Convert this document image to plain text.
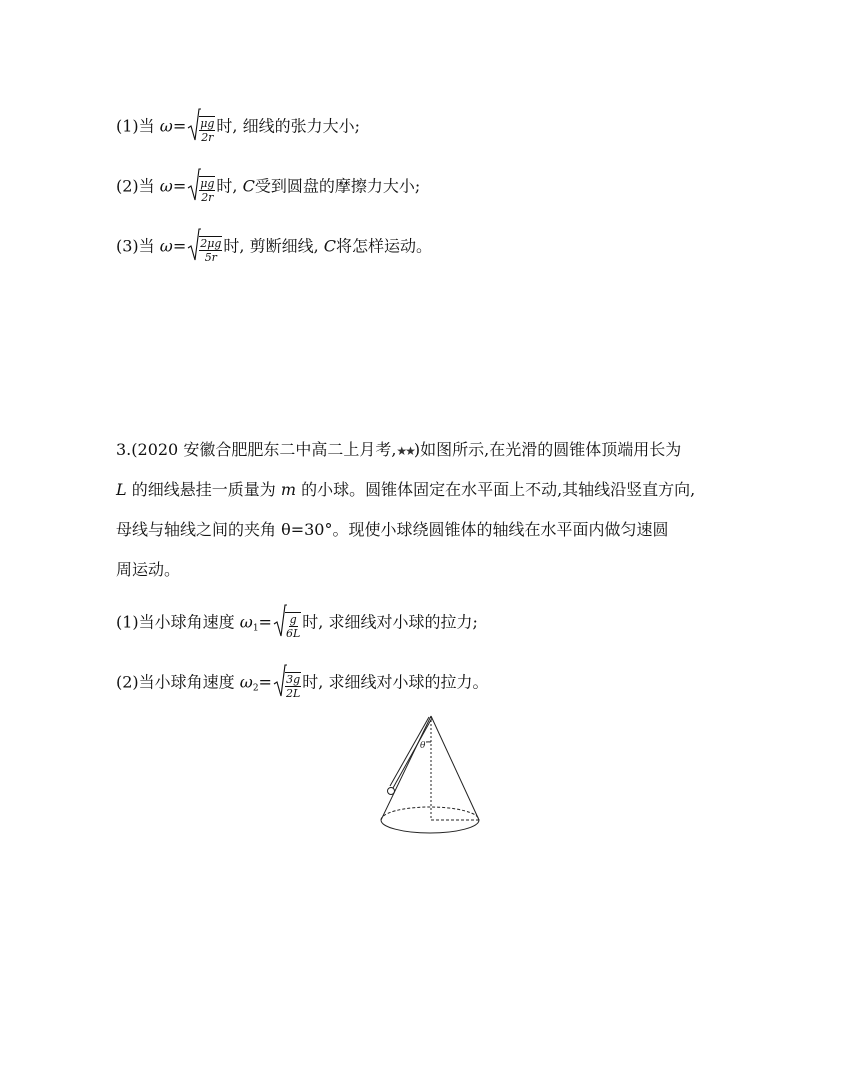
(1)当 $\omega= \frac{\mu g}{2r}$ 时, 细线的张力大小;
(2)当 $\omega= \frac{\mu g}{2r}$ 时, C受到圆盘的摩擦力大小;
(3)当 $\omega= \frac{2\mu g}{5r}$ 时, 剪断细线, C将怎样运动。
3.(2020 安徽合肥肥东二中高二上月考,★★)如图所示,在光滑的圆锥体顶端用长为
L 的细线悬挂一质量为 m 的小球。圆锥体固定在水平面上不动,其轴线沿竖直方向,
母线与轴线之间的夹角 θ=30°。现使小球绕圆锥体的轴线在水平面内做匀速圆
周运动。
(1)当小球角速度 $\omega_1= \frac{g}{6L}$ 时, 求细线对小球的拉力;
(2)当小球角速度 $\omega_2= \frac{3g}{2L}$ 时, 求细线对小球的拉力。
θ
